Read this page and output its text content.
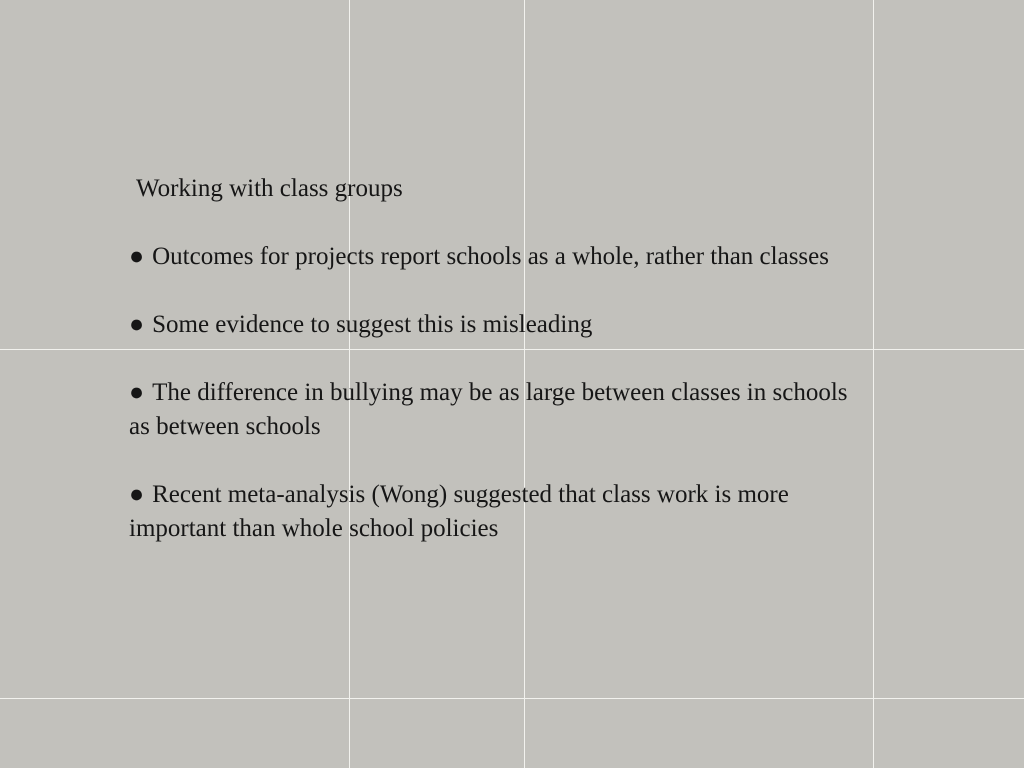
Working with class groups
● Outcomes for projects report schools as a whole, rather than classes
● Some evidence to suggest this is misleading
● The difference in bullying may be as large between classes in schools as between schools
● Recent meta-analysis (Wong) suggested that class work is more important than whole school policies
